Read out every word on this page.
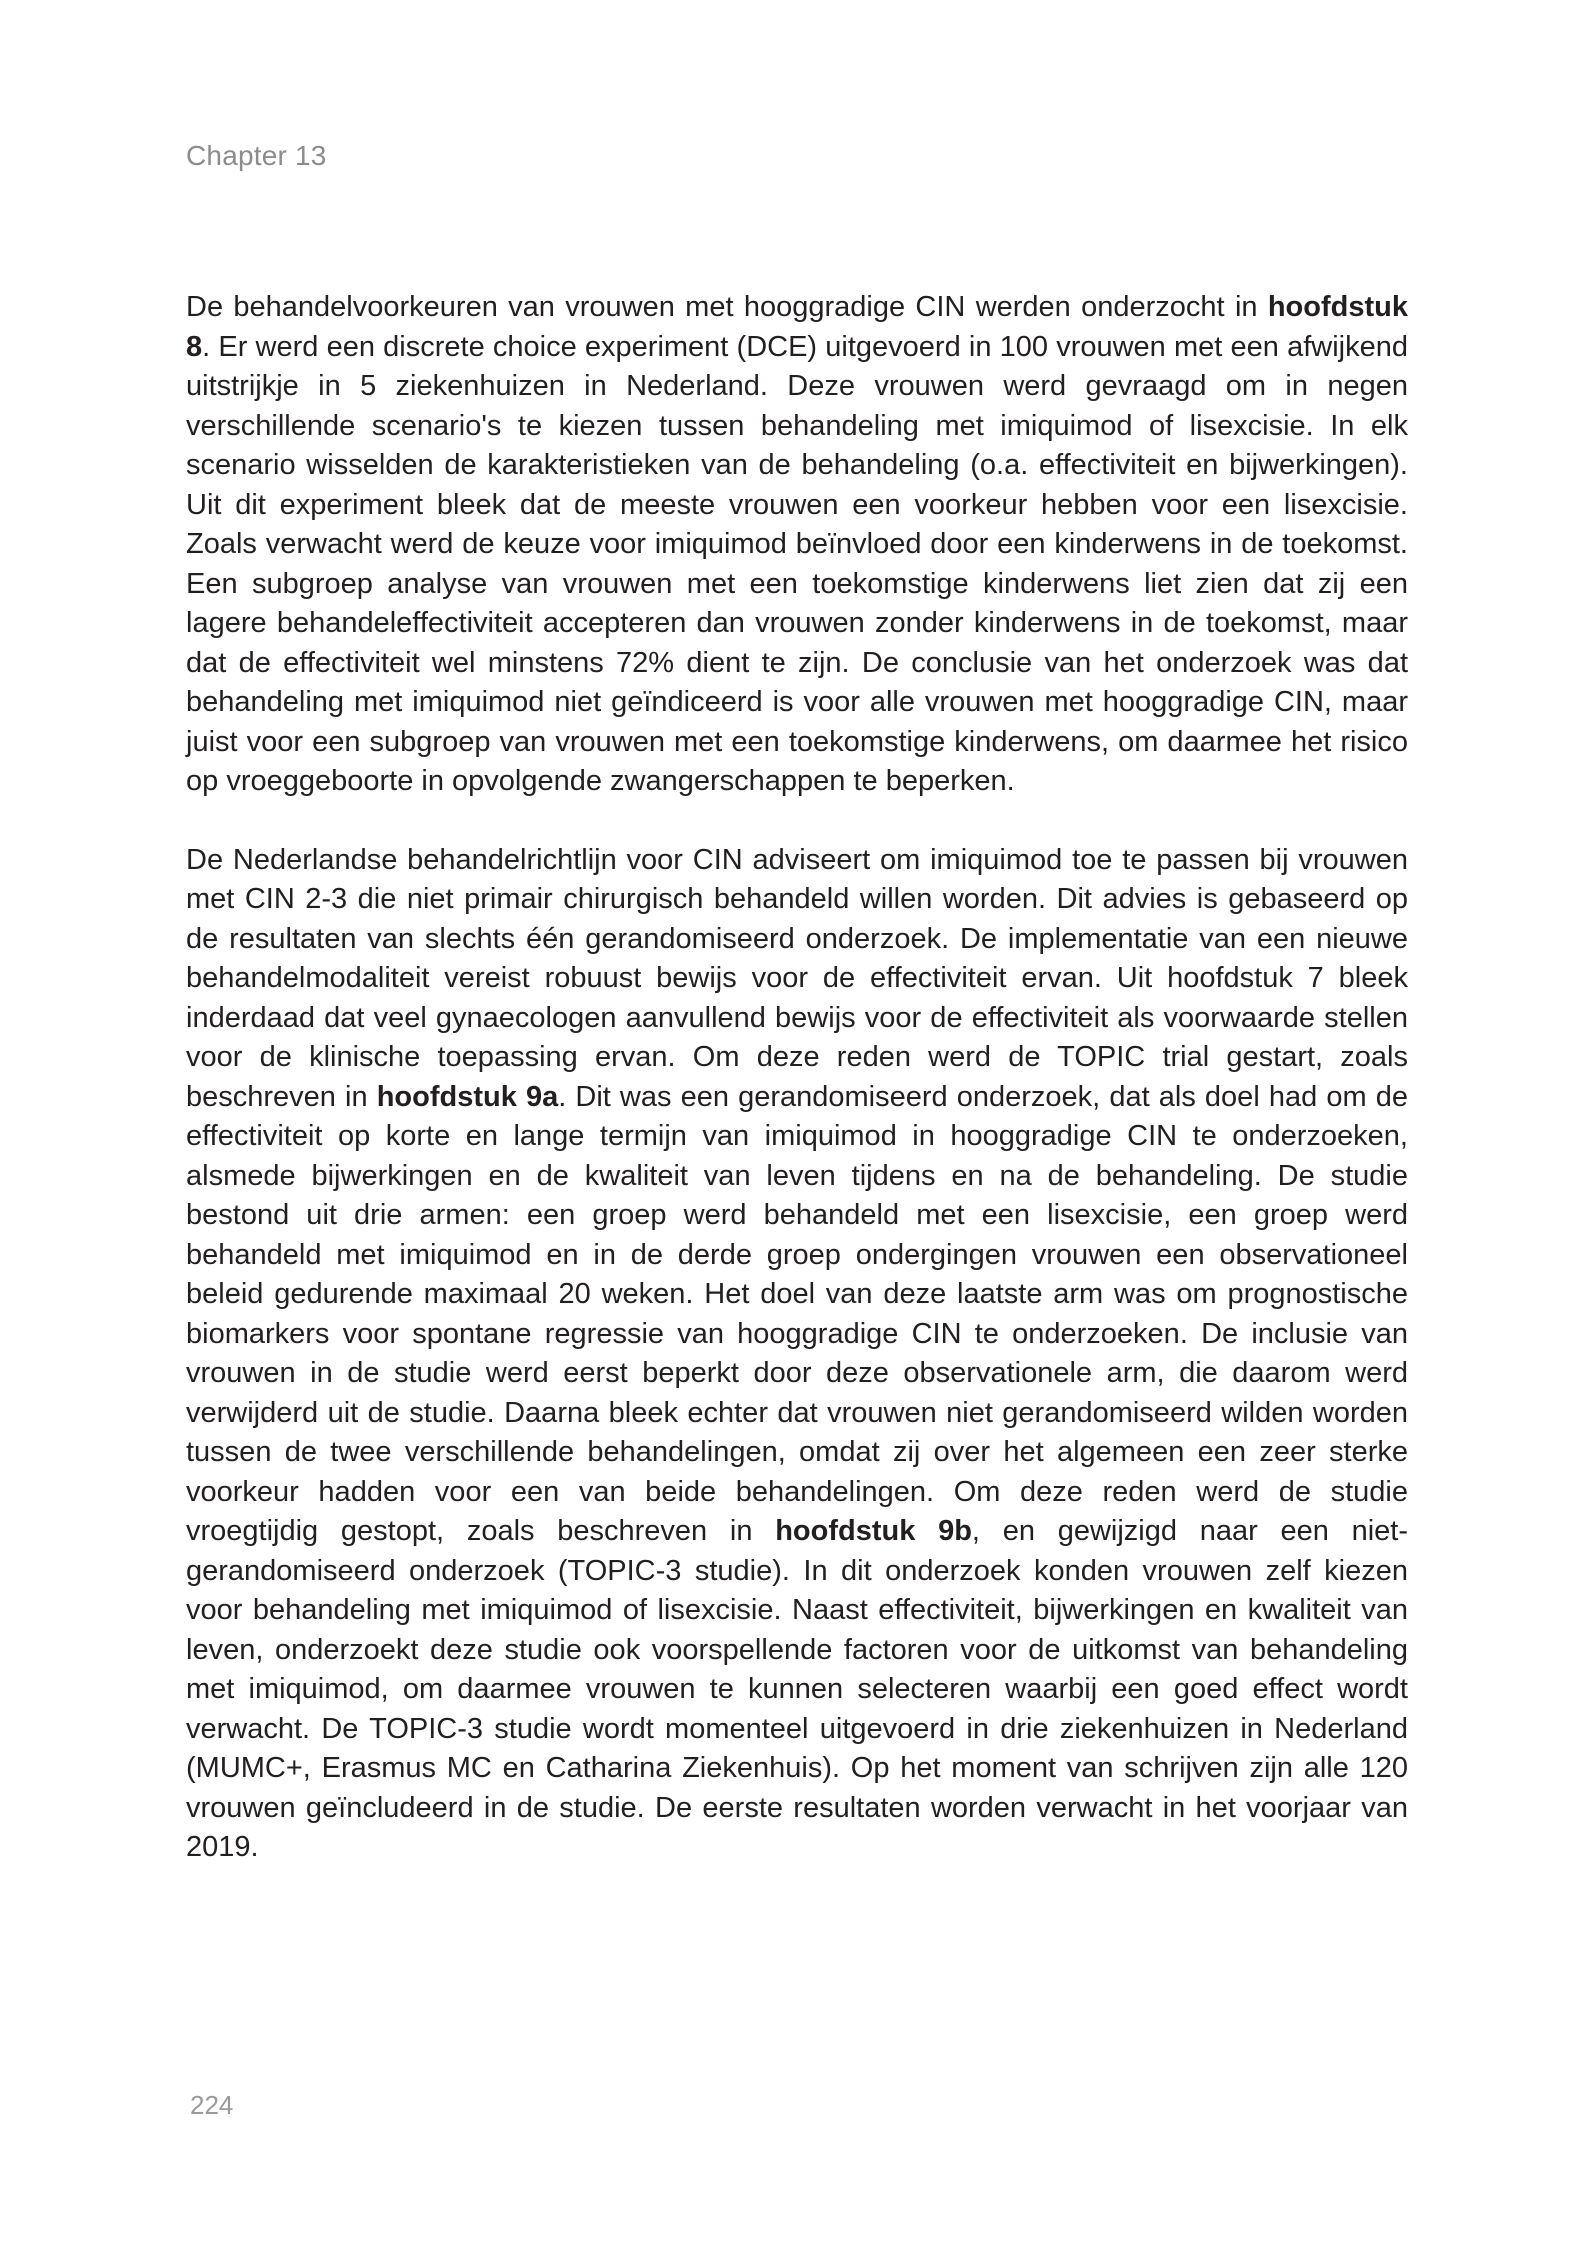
Chapter 13

De behandelvoorkeuren van vrouwen met hooggradige CIN werden onderzocht in hoofdstuk 8. Er werd een discrete choice experiment (DCE) uitgevoerd in 100 vrouwen met een afwijkend uitstrijkje in 5 ziekenhuizen in Nederland. Deze vrouwen werd gevraagd om in negen verschillende scenario's te kiezen tussen behandeling met imiquimod of lisexcisie. In elk scenario wisselden de karakteristieken van de behandeling (o.a. effectiviteit en bijwerkingen). Uit dit experiment bleek dat de meeste vrouwen een voorkeur hebben voor een lisexcisie. Zoals verwacht werd de keuze voor imiquimod beïnvloed door een kinderwens in de toekomst. Een subgroep analyse van vrouwen met een toekomstige kinderwens liet zien dat zij een lagere behandeleffectiviteit accepteren dan vrouwen zonder kinderwens in de toekomst, maar dat de effectiviteit wel minstens 72% dient te zijn. De conclusie van het onderzoek was dat behandeling met imiquimod niet geïndiceerd is voor alle vrouwen met hooggradige CIN, maar juist voor een subgroep van vrouwen met een toekomstige kinderwens, om daarmee het risico op vroeggeboorte in opvolgende zwangerschappen te beperken.

De Nederlandse behandelrichtlijn voor CIN adviseert om imiquimod toe te passen bij vrouwen met CIN 2-3 die niet primair chirurgisch behandeld willen worden. Dit advies is gebaseerd op de resultaten van slechts één gerandomiseerd onderzoek. De implementatie van een nieuwe behandelmodaliteit vereist robuust bewijs voor de effectiviteit ervan. Uit hoofdstuk 7 bleek inderdaad dat veel gynaecologen aanvullend bewijs voor de effectiviteit als voorwaarde stellen voor de klinische toepassing ervan. Om deze reden werd de TOPIC trial gestart, zoals beschreven in hoofdstuk 9a. Dit was een gerandomiseerd onderzoek, dat als doel had om de effectiviteit op korte en lange termijn van imiquimod in hooggradige CIN te onderzoeken, alsmede bijwerkingen en de kwaliteit van leven tijdens en na de behandeling. De studie bestond uit drie armen: een groep werd behandeld met een lisexcisie, een groep werd behandeld met imiquimod en in de derde groep ondergingen vrouwen een observationeel beleid gedurende maximaal 20 weken. Het doel van deze laatste arm was om prognostische biomarkers voor spontane regressie van hooggradige CIN te onderzoeken. De inclusie van vrouwen in de studie werd eerst beperkt door deze observationele arm, die daarom werd verwijderd uit de studie. Daarna bleek echter dat vrouwen niet gerandomiseerd wilden worden tussen de twee verschillende behandelingen, omdat zij over het algemeen een zeer sterke voorkeur hadden voor een van beide behandelingen. Om deze reden werd de studie vroegtijdig gestopt, zoals beschreven in hoofdstuk 9b, en gewijzigd naar een niet-gerandomiseerd onderzoek (TOPIC-3 studie). In dit onderzoek konden vrouwen zelf kiezen voor behandeling met imiquimod of lisexcisie. Naast effectiviteit, bijwerkingen en kwaliteit van leven, onderzoekt deze studie ook voorspellende factoren voor de uitkomst van behandeling met imiquimod, om daarmee vrouwen te kunnen selecteren waarbij een goed effect wordt verwacht. De TOPIC-3 studie wordt momenteel uitgevoerd in drie ziekenhuizen in Nederland (MUMC+, Erasmus MC en Catharina Ziekenhuis). Op het moment van schrijven zijn alle 120 vrouwen geïncludeerd in de studie. De eerste resultaten worden verwacht in het voorjaar van 2019.

224
